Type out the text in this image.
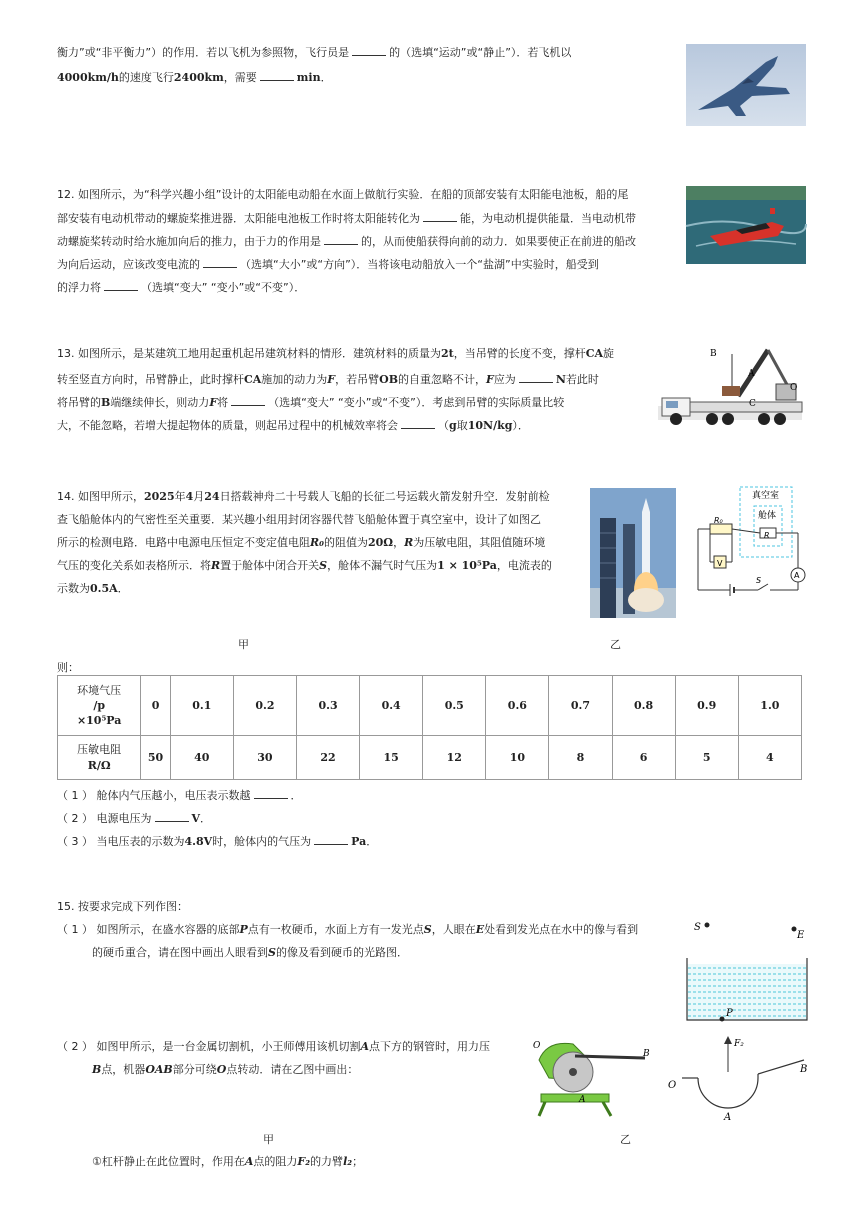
衡力”或“非平衡力”）的作用．若以飞机为参照物，飞行员是	的（选填“运动”或“静止”）．若飞机以
4000km/h的速度飞行2400km，需要	min．
12. 如图所示，为“科学兴趣小组”设计的太阳能电动船在水面上做航行实验．在船的顶部安装有太阳能电池板，船的尾
部安装有电动机带动的螺旋桨推进器．太阳能电池板工作时将太阳能转化为	能，为电动机提供能量．当电动机带
动螺旋桨转动时给水施加向后的推力，由于力的作用是	的，从而使船获得向前的动力．如果要使正在前进的船改
为向后运动，应该改变电流的	（选填“大小”或“方向”）．当将该电动船放入一个“盐湖”中实验时，船受到
的浮力将	（选填“变大” “变小”或“不变”）．
13. 如图所示，是某建筑工地用起重机起吊建筑材料的情形．建筑材料的质量为2t，当吊臂的长度不变，撑杆CA旋
转至竖直方向时，吊臂静止，此时撑杆CA施加的动力为F，若吊臂OB的自重忽略不计，F应为	N若此时
将吊臂的B端继续伸长，则动力F将	（选填“变大” “变小”或“不变”）．考虑到吊臂的实际质量比较
大，不能忽略，若增大提起物体的质量，则起吊过程中的机械效率将会	（g取10N/kg）．
B
A
C
O
14. 如图甲所示，2025年4月24日搭载神舟二十号载人飞船的长征二号运载火箭发射升空．发射前检
查飞船舱体内的气密性至关重要．某兴趣小组用封闭容器代替飞船舱体置于真空室中，设计了如图乙
所示的检测电路．电路中电源电压恒定不变定值电阻R₀的阻值为20Ω，R为压敏电阻，其阻值随环境
气压的变化关系如表格所示．将R置于舱体中闭合开关S，舱体不漏气时气压为1 × 10⁵Pa，电流表的
示数为0.5A．
真空室
舱体
R
R₀
V
A
S
甲	乙
则：
环境气压
/p
×10⁵Pa	0	0.1	0.2	0.3	0.4	0.5	0.6	0.7	0.8	0.9	1.0

压敏电阻
R/Ω	50	40	30	22	15	12	10	8	6	5	4
（ 1 ） 舱体内气压越小，电压表示数越	．
（ 2 ） 电源电压为	V．
（ 3 ） 当电压表的示数为4.8V时，舱体内的气压为	Pa．
15. 按要求完成下列作图：
（ 1 ） 如图所示，在盛水容器的底部P点有一枚硬币，水面上方有一发光点S，人眼在E处看到发光点在水中的像与看到
的硬币重合，请在图中画出人眼看到S的像及看到硬币的光路图．
S
E
P
（ 2 ） 如图甲所示，是一台金属切割机，小王师傅用该机切割A点下方的钢管时，用力压
B点，机器OAB部分可绕O点转动．请在乙图中画出：
O
B
A
F₂
O
A
B
甲	乙
①杠杆静止在此位置时，作用在A点的阻力F₂的力臂l₂；
